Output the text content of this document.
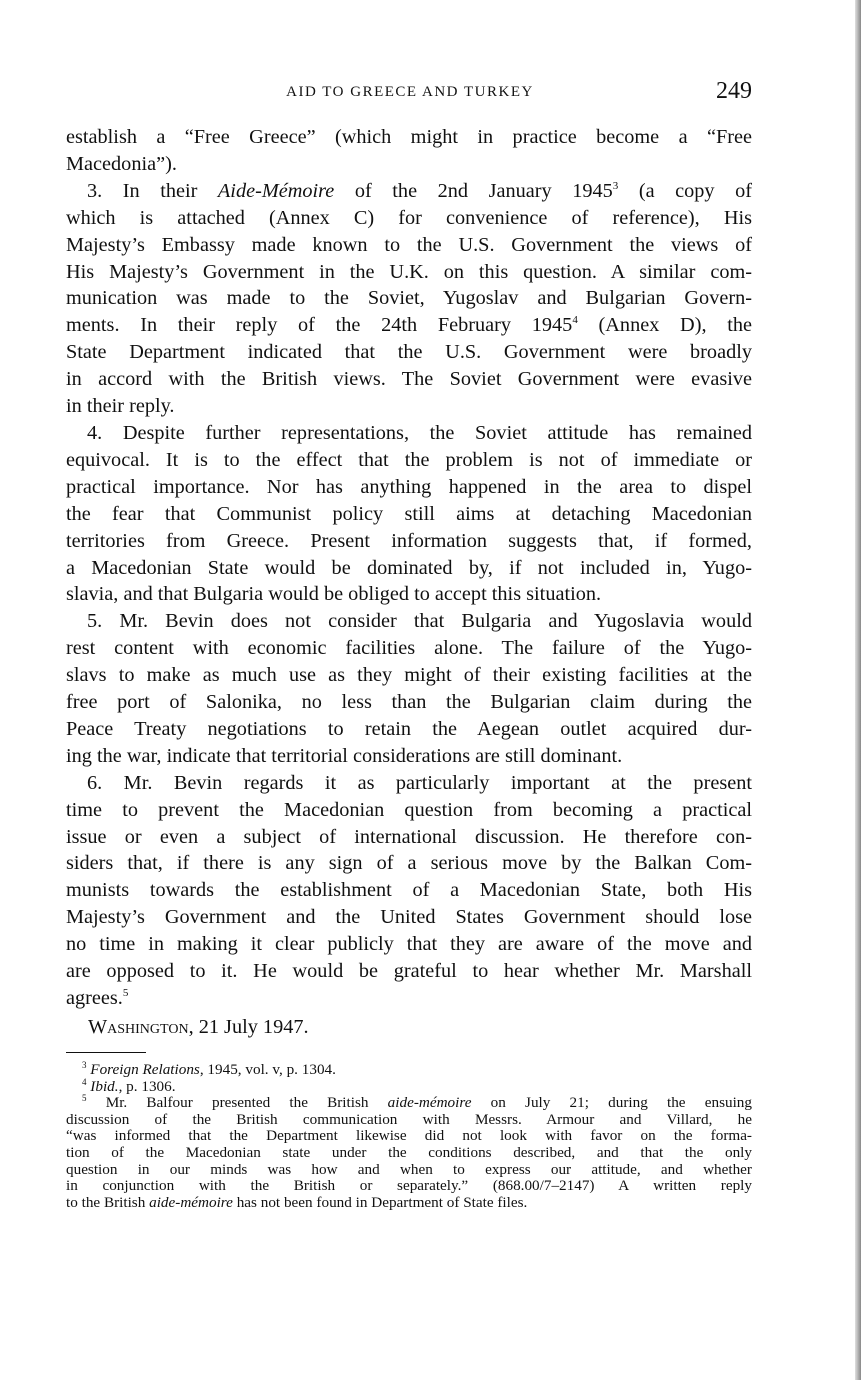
AID TO GREECE AND TURKEY	249
establish a “Free Greece” (which might in practice become a “Free
Macedonia”).
3. In their Aide-Mémoire of the 2nd January 1945$^3$ (a copy of
which is attached (Annex C) for convenience of reference), His
Majesty’s Embassy made known to the U.S. Government the views of
His Majesty’s Government in the U.K. on this question. A similar com-
munication was made to the Soviet, Yugoslav and Bulgarian Govern-
ments. In their reply of the 24th February 1945$^4$ (Annex D), the
State Department indicated that the U.S. Government were broadly
in accord with the British views. The Soviet Government were evasive
in their reply.
4. Despite further representations, the Soviet attitude has remained
equivocal. It is to the effect that the problem is not of immediate or
practical importance. Nor has anything happened in the area to dispel
the fear that Communist policy still aims at detaching Macedonian
territories from Greece. Present information suggests that, if formed,
a Macedonian State would be dominated by, if not included in, Yugo-
slavia, and that Bulgaria would be obliged to accept this situation.
5. Mr. Bevin does not consider that Bulgaria and Yugoslavia would
rest content with economic facilities alone. The failure of the Yugo-
slavs to make as much use as they might of their existing facilities at the
free port of Salonika, no less than the Bulgarian claim during the
Peace Treaty negotiations to retain the Aegean outlet acquired dur-
ing the war, indicate that territorial considerations are still dominant.
6. Mr. Bevin regards it as particularly important at the present
time to prevent the Macedonian question from becoming a practical
issue or even a subject of international discussion. He therefore con-
siders that, if there is any sign of a serious move by the Balkan Com-
munists towards the establishment of a Macedonian State, both His
Majesty’s Government and the United States Government should lose
no time in making it clear publicly that they are aware of the move and
are opposed to it. He would be grateful to hear whether Mr. Marshall
agrees.$^5$
Washington, 21 July 1947.
$^3$ Foreign Relations, 1945, vol. v, p. 1304.
$^4$ Ibid., p. 1306.
$^5$ Mr. Balfour presented the British aide-mémoire on July 21; during the ensuing
discussion of the British communication with Messrs. Armour and Villard, he
“was informed that the Department likewise did not look with favor on the forma-
tion of the Macedonian state under the conditions described, and that the only
question in our minds was how and when to express our attitude, and whether
in conjunction with the British or separately.” (868.00/7–2147) A written reply
to the British aide-mémoire has not been found in Department of State files.
